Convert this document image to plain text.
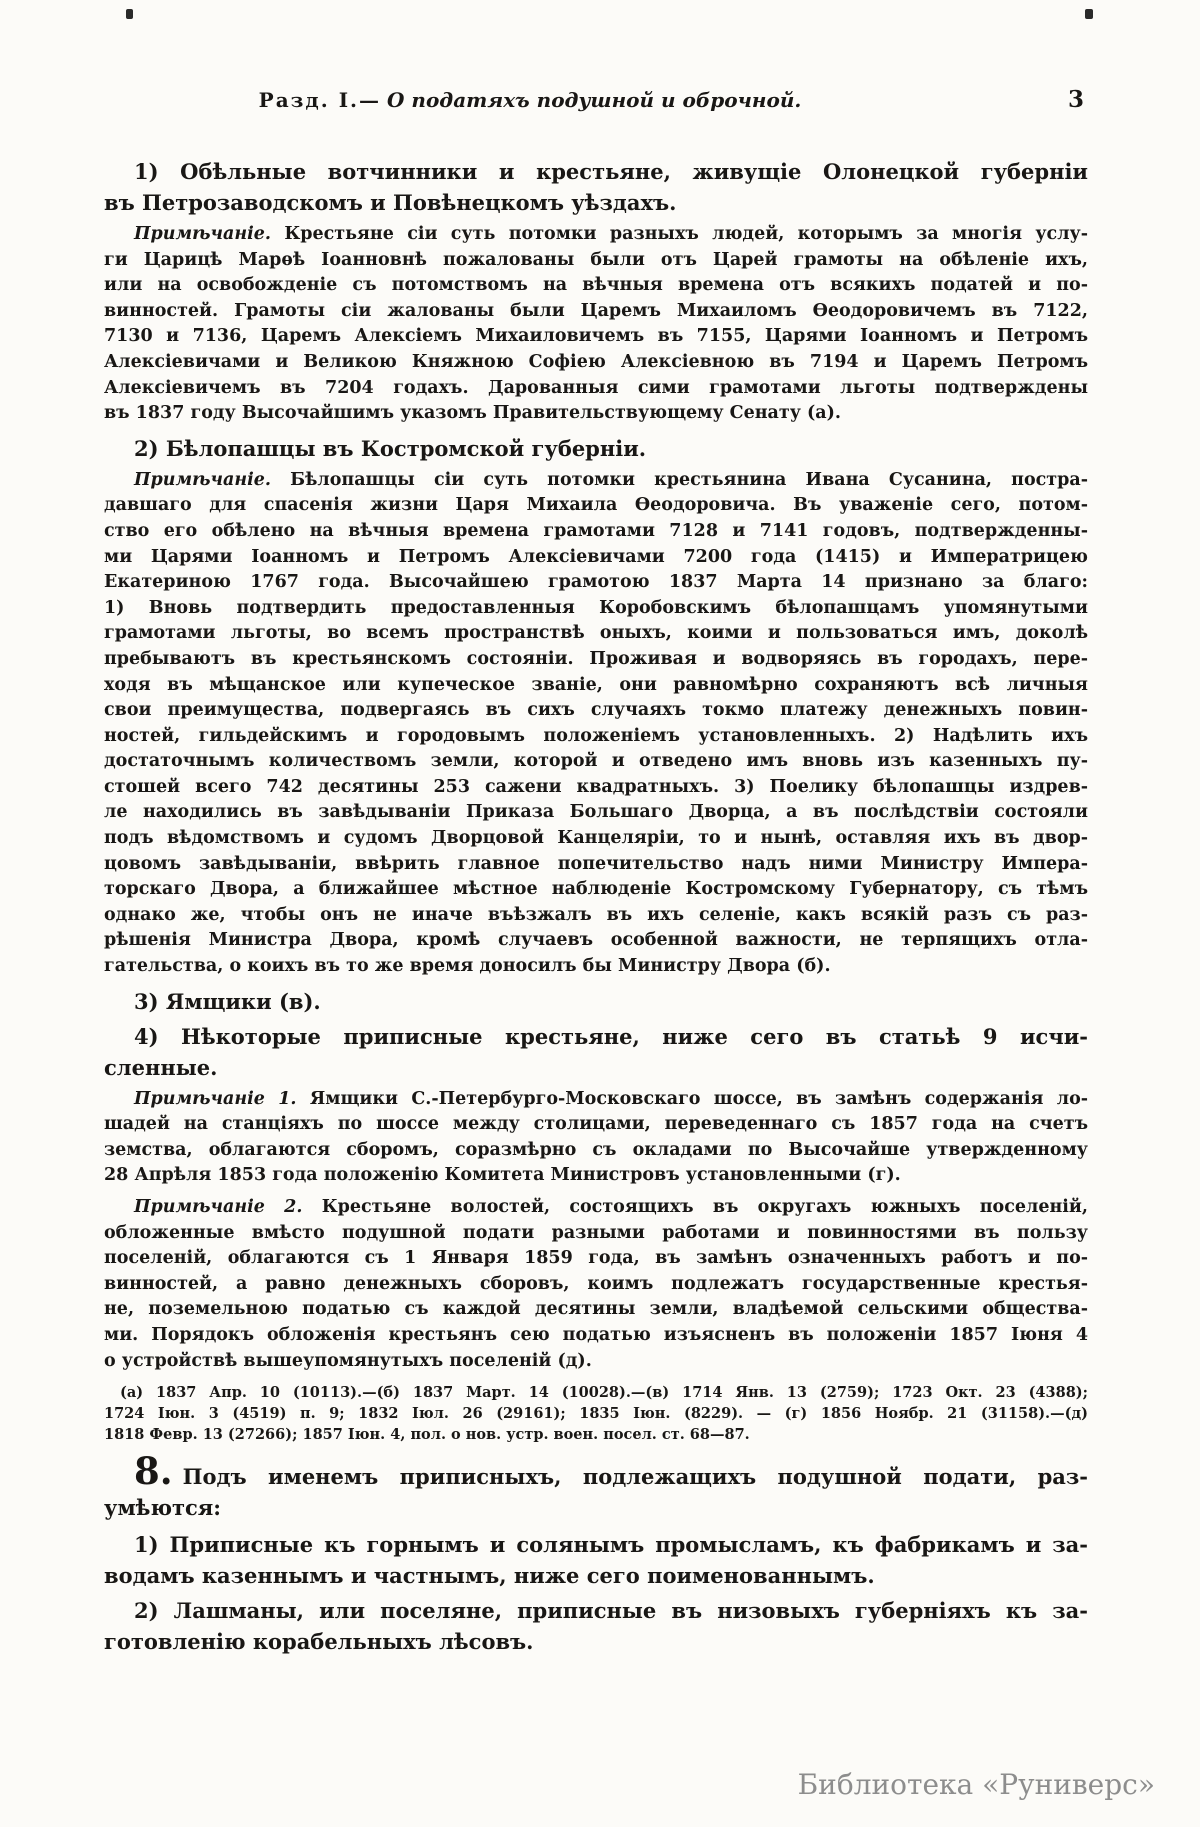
Разд. I.— О податяхъ подушной и оброчной.	3

1) Обѣльные вотчинники и крестьяне, живущіе Олонецкой губерніи

въ Петрозаводскомъ и Повѣнецкомъ уѣздахъ.

Примѣчаніе. Крестьяне сіи суть потомки разныхъ людей, которымъ за многія услу-

ги Царицѣ Марѳѣ Іоанновнѣ пожалованы были отъ Царей грамоты на обѣленіе ихъ,

или на освобожденіе съ потомствомъ на вѣчныя времена отъ всякихъ податей и по-

винностей. Грамоты сіи жалованы были Царемъ Михаиломъ Ѳеодоровичемъ въ 7122,

7130 и 7136, Царемъ Алексіемъ Михаиловичемъ въ 7155, Царями Іоанномъ и Петромъ

Алексіевичами и Великою Княжною Софіею Алексіевною въ 7194 и Царемъ Петромъ

Алексіевичемъ въ 7204 годахъ. Дарованныя сими грамотами льготы подтверждены

въ 1837 году Высочайшимъ указомъ Правительствующему Сенату (а).

2) Бѣлопашцы въ Костромской губерніи.

Примѣчаніе. Бѣлопашцы сіи суть потомки крестьянина Ивана Сусанина, постра-

давшаго для спасенія жизни Царя Михаила Ѳеодоровича. Въ уваженіе сего, потом-

ство его обѣлено на вѣчныя времена грамотами 7128 и 7141 годовъ, подтвержденны-

ми Царями Іоанномъ и Петромъ Алексіевичами 7200 года (1415) и Императрицею

Екатериною 1767 года. Высочайшею грамотою 1837 Марта 14 признано за благо:

1) Вновь подтвердить предоставленныя Коробовскимъ бѣлопашцамъ упомянутыми

грамотами льготы, во всемъ пространствѣ оныхъ, коими и пользоваться имъ, доколѣ

пребываютъ въ крестьянскомъ состояніи. Проживая и водворяясь въ городахъ, пере-

ходя въ мѣщанское или купеческое званіе, они равномѣрно сохраняютъ всѣ личныя

свои преимущества, подвергаясь въ сихъ случаяхъ токмо платежу денежныхъ повин-

ностей, гильдейскимъ и городовымъ положеніемъ установленныхъ. 2) Надѣлить ихъ

достаточнымъ количествомъ земли, которой и отведено имъ вновь изъ казенныхъ пу-

стошей всего 742 десятины 253 сажени квадратныхъ. 3) Поелику бѣлопашцы издрев-

ле находились въ завѣдываніи Приказа Большаго Дворца, а въ послѣдствіи состояли

подъ вѣдомствомъ и судомъ Дворцовой Канцеляріи, то и нынѣ, оставляя ихъ въ двор-

цовомъ завѣдываніи, ввѣрить главное попечительство надъ ними Министру Импера-

торскаго Двора, а ближайшее мѣстное наблюденіе Костромскому Губернатору, съ тѣмъ

однако же, чтобы онъ не иначе въѣзжалъ въ ихъ селеніе, какъ всякій разъ съ раз-

рѣшенія Министра Двора, кромѣ случаевъ особенной важности, не терпящихъ отла-

гательства, о коихъ въ то же время доносилъ бы Министру Двора (б).

3) Ямщики (в).

4) Нѣкоторые приписные крестьяне, ниже сего въ статьѣ 9 исчи-

сленные.

Примѣчаніе 1. Ямщики С.-Петербурго-Московскаго шоссе, въ замѣнъ содержанія ло-

шадей на станціяхъ по шоссе между столицами, переведеннаго съ 1857 года на счетъ

земства, облагаются сборомъ, соразмѣрно съ окладами по Высочайше утвержденному

28 Апрѣля 1853 года положенію Комитета Министровъ установленными (г).

Примѣчаніе 2. Крестьяне волостей, состоящихъ въ округахъ южныхъ поселеній,

обложенные вмѣсто подушной подати разными работами и повинностями въ пользу

поселеній, облагаются съ 1 Января 1859 года, въ замѣнъ означенныхъ работъ и по-

винностей, а равно денежныхъ сборовъ, коимъ подлежатъ государственные крестья-

не, поземельною податью съ каждой десятины земли, владѣемой сельскими общества-

ми. Порядокъ обложенія крестьянъ сею податью изъясненъ въ положеніи 1857 Іюня 4

о устройствѣ вышеупомянутыхъ поселеній (д).

(а) 1837 Апр. 10 (10113).—(б) 1837 Март. 14 (10028).—(в) 1714 Янв. 13 (2759); 1723 Окт. 23 (4388);

1724 Іюн. 3 (4519) п. 9; 1832 Іюл. 26 (29161); 1835 Іюн. (8229). — (г) 1856 Ноябр. 21 (31158).—(д)

1818 Февр. 13 (27266); 1857 Іюн. 4, пол. о нов. устр. воен. посел. ст. 68—87.

8. Подъ именемъ приписныхъ, подлежащихъ подушной подати, раз-

умѣются:

1) Приписные къ горнымъ и солянымъ промысламъ, къ фабрикамъ и за-

водамъ казеннымъ и частнымъ, ниже сего поименованнымъ.

2) Лашманы, или поселяне, приписные въ низовыхъ губерніяхъ къ за-

готовленію корабельныхъ лѣсовъ.

Библиотека «Руниверс»
